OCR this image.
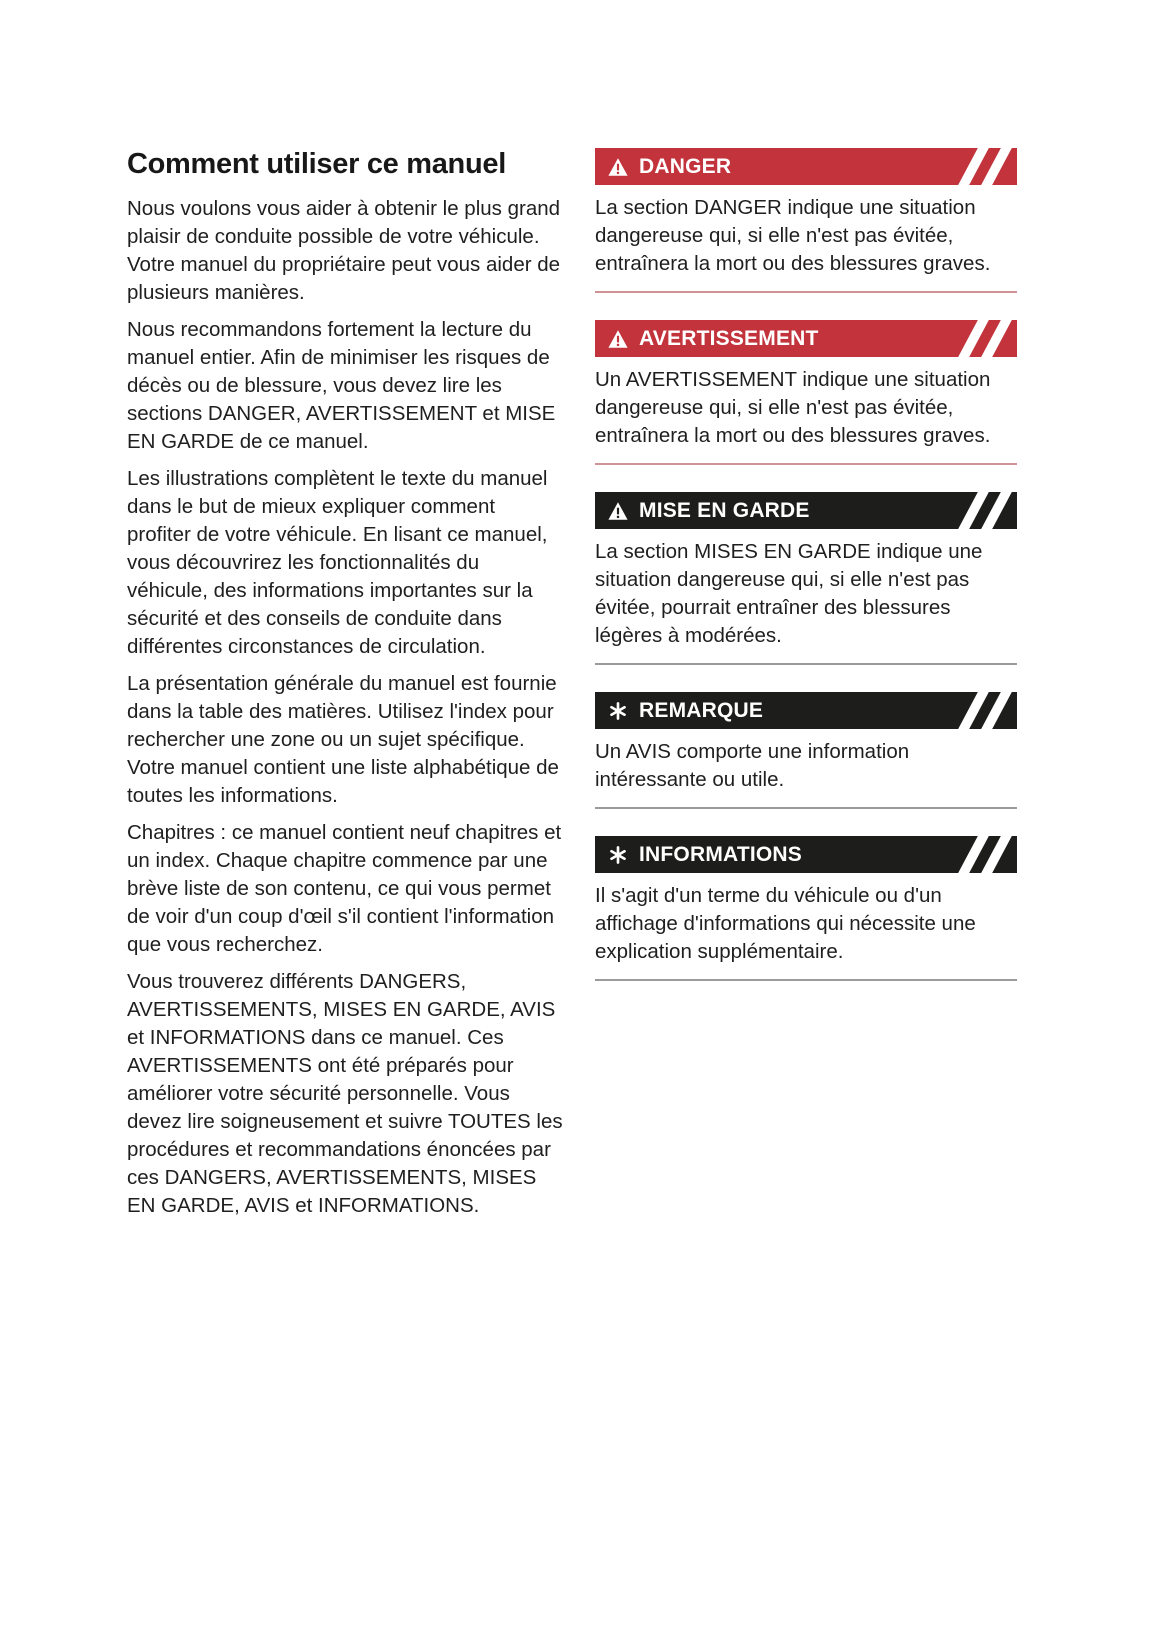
Comment utiliser ce manuel

Nous voulons vous aider à obtenir le plus grand plaisir de conduite possible de votre véhicule. Votre manuel du propriétaire peut vous aider de plusieurs manières.

Nous recommandons fortement la lecture du manuel entier. Afin de minimiser les risques de décès ou de blessure, vous devez lire les sections DANGER, AVERTISSEMENT et MISE EN GARDE de ce manuel.

Les illustrations complètent le texte du manuel dans le but de mieux expliquer comment profiter de votre véhicule. En lisant ce manuel, vous découvrirez les fonctionnalités du véhicule, des informations importantes sur la sécurité et des conseils de conduite dans différentes circonstances de circulation.

La présentation générale du manuel est fournie dans la table des matières. Utilisez l'index pour rechercher une zone ou un sujet spécifique. Votre manuel contient une liste alphabétique de toutes les informations.

Chapitres : ce manuel contient neuf chapitres et un index. Chaque chapitre commence par une brève liste de son contenu, ce qui vous permet de voir d'un coup d'œil s'il contient l'information que vous recherchez.

Vous trouverez différents DANGERS, AVERTISSEMENTS, MISES EN GARDE, AVIS et INFORMATIONS dans ce manuel. Ces AVERTISSEMENTS ont été préparés pour améliorer votre sécurité personnelle. Vous devez lire soigneusement et suivre TOUTES les procédures et recommandations énoncées par ces DANGERS, AVERTISSEMENTS, MISES EN GARDE, AVIS et INFORMATIONS.

DANGER

La section DANGER indique une situation dangereuse qui, si elle n'est pas évitée, entraînera la mort ou des blessures graves.

AVERTISSEMENT

Un AVERTISSEMENT indique une situation dangereuse qui, si elle n'est pas évitée, entraînera la mort ou des blessures graves.

MISE EN GARDE

La section MISES EN GARDE indique une situation dangereuse qui, si elle n'est pas évitée, pourrait entraîner des blessures légères à modérées.

REMARQUE

Un AVIS comporte une information intéressante ou utile.

INFORMATIONS

Il s'agit d'un terme du véhicule ou d'un affichage d'informations qui nécessite une explication supplémentaire.
